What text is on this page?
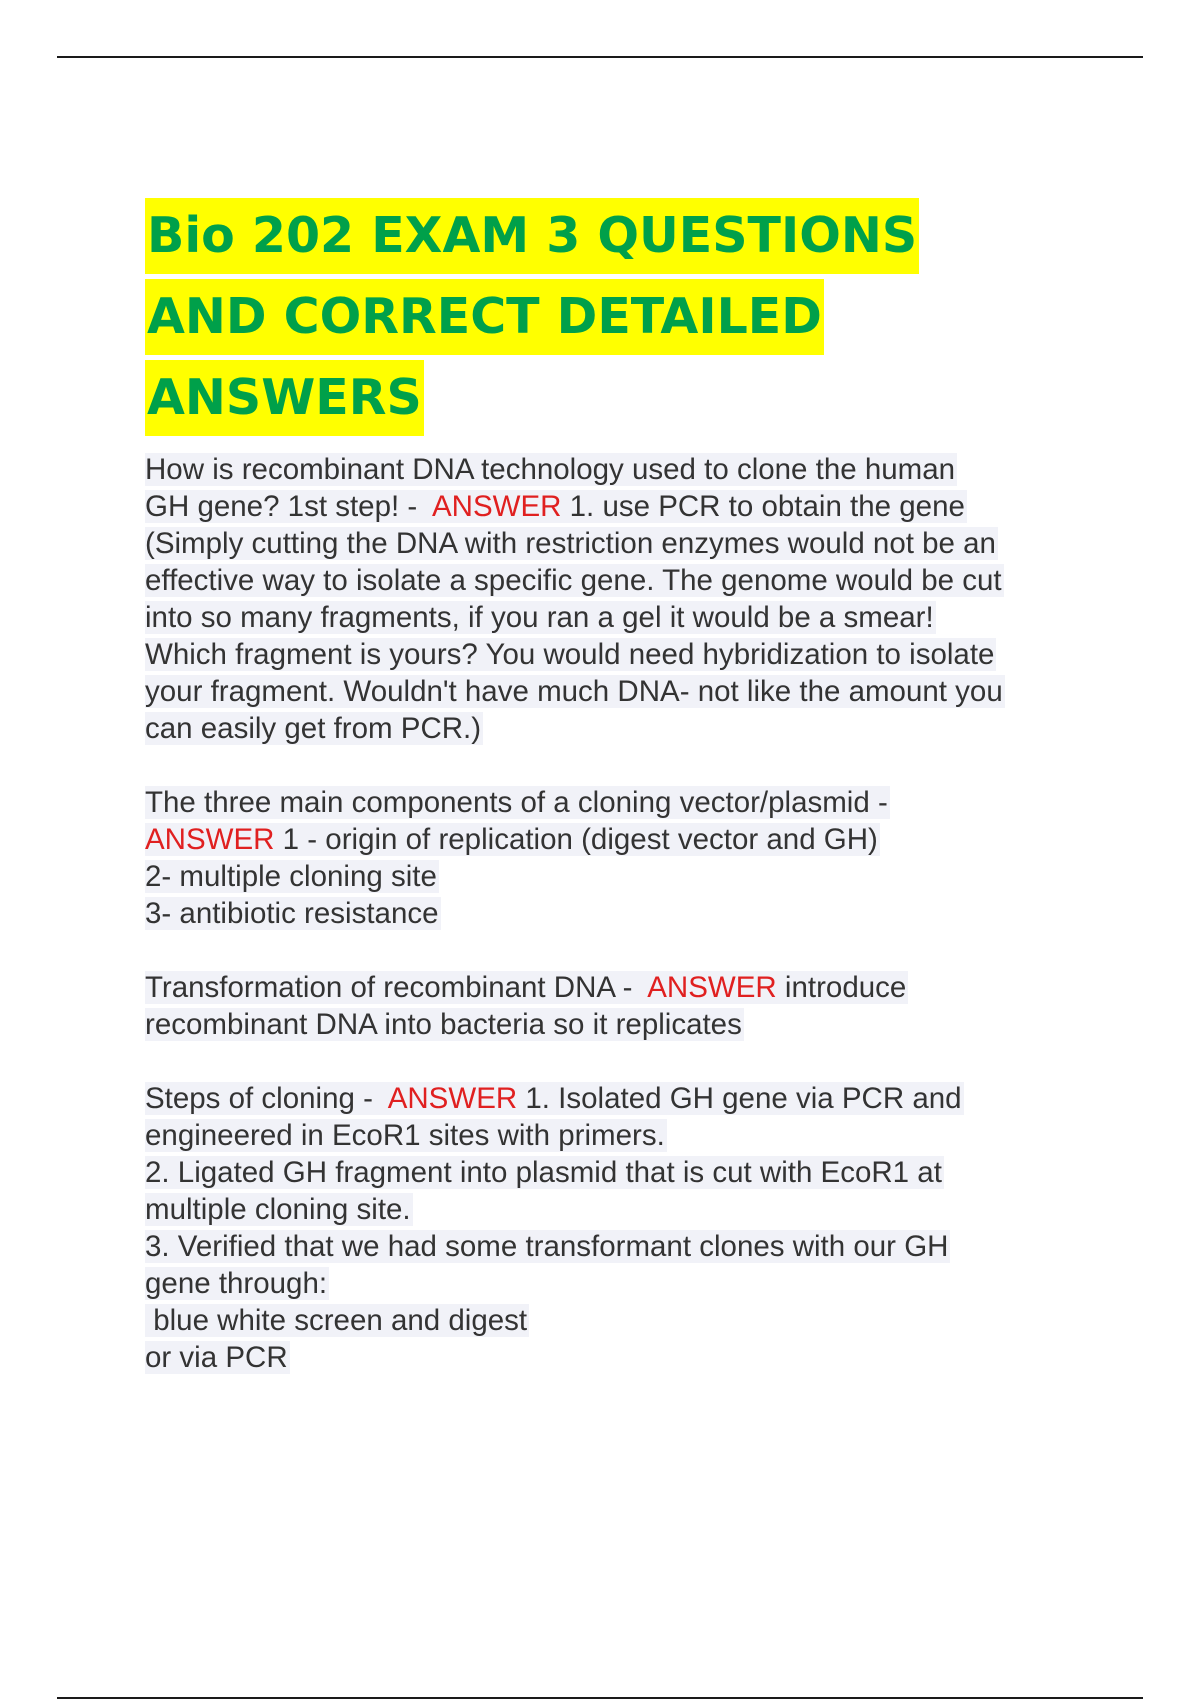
Bio 202 EXAM 3 QUESTIONS
AND CORRECT DETAILED
ANSWERS
How is recombinant DNA technology used to clone the human
GH gene? 1st step! -  ANSWER 1. use PCR to obtain the gene
(Simply cutting the DNA with restriction enzymes would not be an
effective way to isolate a specific gene. The genome would be cut
into so many fragments, if you ran a gel it would be a smear!
Which fragment is yours? You would need hybridization to isolate
your fragment. Wouldn't have much DNA- not like the amount you
can easily get from PCR.)
The three main components of a cloning vector/plasmid -
ANSWER 1 - origin of replication (digest vector and GH)
2- multiple cloning site
3- antibiotic resistance
Transformation of recombinant DNA -  ANSWER introduce
recombinant DNA into bacteria so it replicates
Steps of cloning -  ANSWER 1. Isolated GH gene via PCR and
engineered in EcoR1 sites with primers.
2. Ligated GH fragment into plasmid that is cut with EcoR1 at
multiple cloning site.
3. Verified that we had some transformant clones with our GH
gene through:
blue white screen and digest
or via PCR
